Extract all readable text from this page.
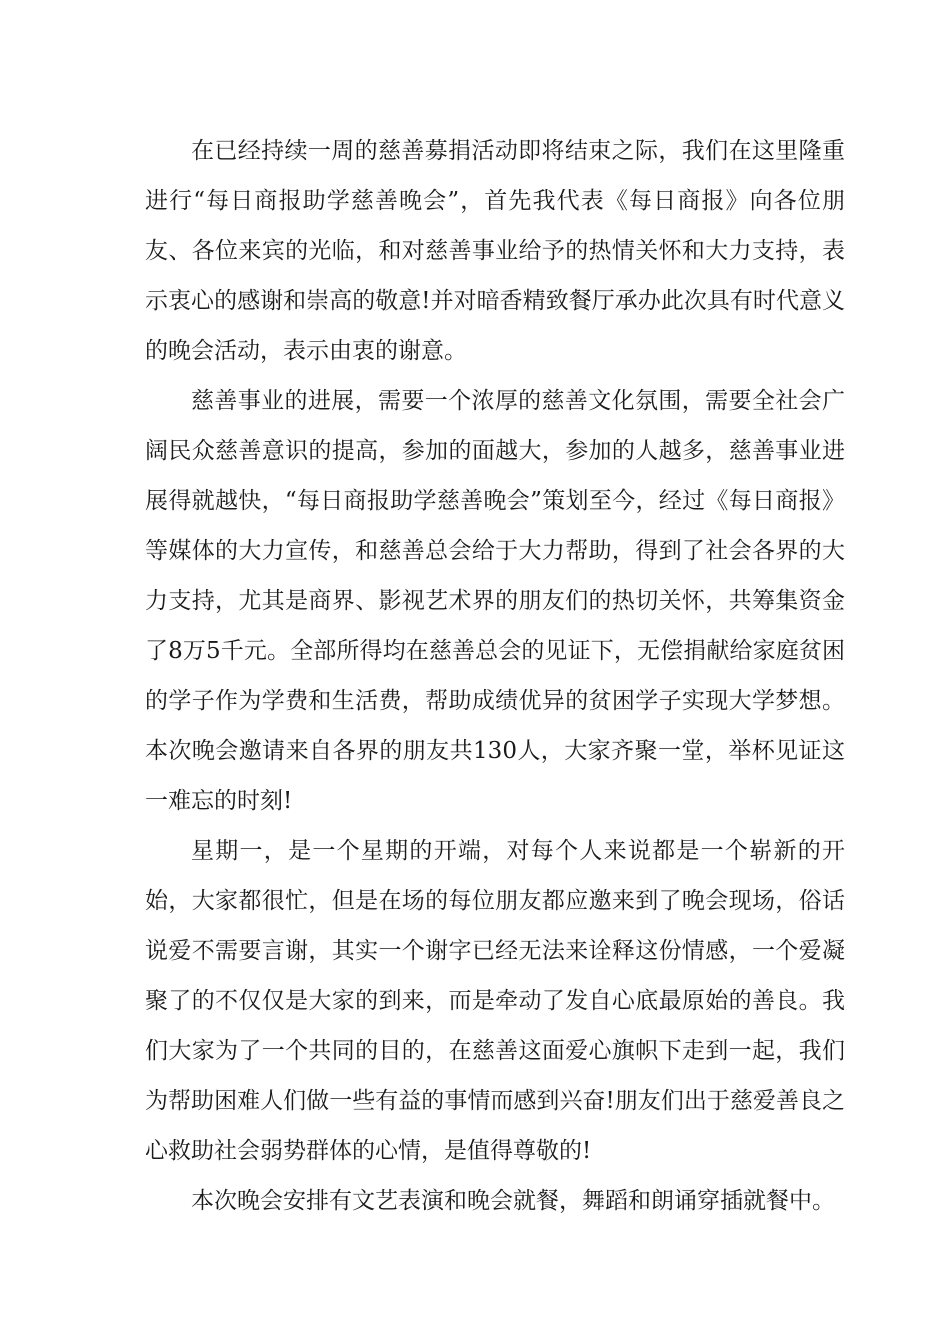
在已经持续一周的慈善募捐活动即将结束之际，我们在这里隆重进行“每日商报助学慈善晚会”，首先我代表《每日商报》向各位朋友、各位来宾的光临，和对慈善事业给予的热情关怀和大力支持，表示衷心的感谢和崇高的敬意!并对暗香精致餐厅承办此次具有时代意义的晚会活动，表示由衷的谢意。

慈善事业的进展，需要一个浓厚的慈善文化氛围，需要全社会广阔民众慈善意识的提高，参加的面越大，参加的人越多，慈善事业进展得就越快，“每日商报助学慈善晚会”策划至今，经过《每日商报》等媒体的大力宣传，和慈善总会给于大力帮助，得到了社会各界的大力支持，尤其是商界、影视艺术界的朋友们的热切关怀，共筹集资金了8万5千元。全部所得均在慈善总会的见证下，无偿捐献给家庭贫困的学子作为学费和生活费，帮助成绩优异的贫困学子实现大学梦想。本次晚会邀请来自各界的朋友共130人，大家齐聚一堂，举杯见证这一难忘的时刻!

星期一，是一个星期的开端，对每个人来说都是一个崭新的开始，大家都很忙，但是在场的每位朋友都应邀来到了晚会现场，俗话说爱不需要言谢，其实一个谢字已经无法来诠释这份情感，一个爱凝聚了的不仅仅是大家的到来，而是牵动了发自心底最原始的善良。我们大家为了一个共同的目的，在慈善这面爱心旗帜下走到一起，我们为帮助困难人们做一些有益的事情而感到兴奋!朋友们出于慈爱善良之心救助社会弱势群体的心情，是值得尊敬的!

本次晚会安排有文艺表演和晚会就餐，舞蹈和朗诵穿插就餐中。
